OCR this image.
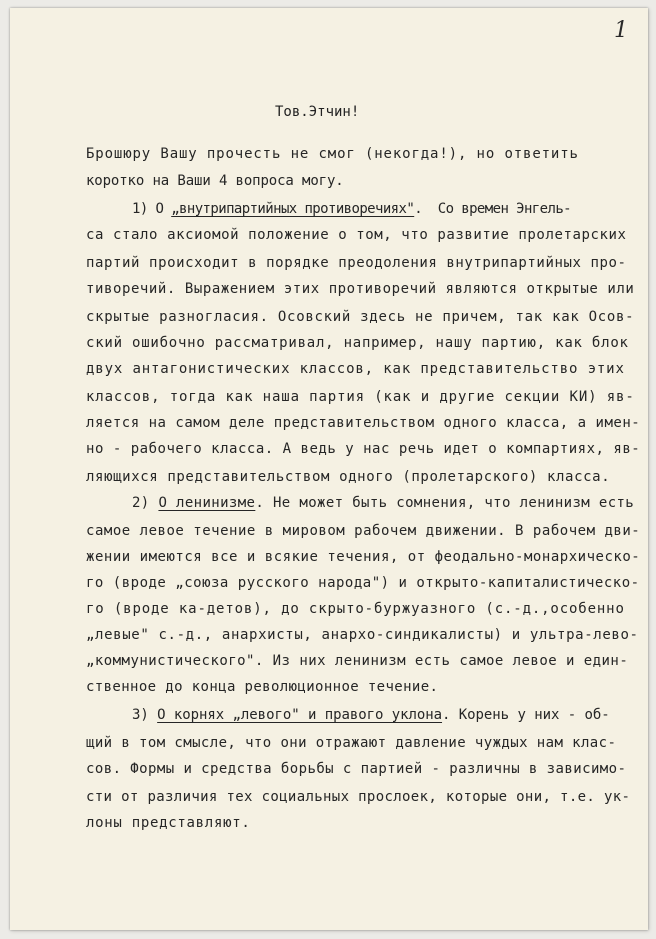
1
Тов.Этчин!
Брошюру Вашу прочесть не смог (некогда!), но ответить
коротко на Ваши 4 вопроса могу.
1) О „внутрипартийных противоречиях".  Со времен Энгель-
са стало аксиомой положение о том, что развитие пролетарских
партий происходит в порядке преодоления внутрипартийных про-
тиворечий. Выражением этих противоречий являются открытые или
скрытые разногласия. Осовский здесь не причем, так как Осов-
ский ошибочно рассматривал, например, нашу партию, как блок
двух антагонистических классов, как представительство этих
классов, тогда как наша партия (как и другие секции КИ) яв-
ляется на самом деле представительством одного класса, а имен-
но - рабочего класса. А ведь у нас речь идет о компартиях, яв-
ляющихся представительством одного (пролетарского) класса.
2) О ленинизме. Не может быть сомнения, что ленинизм есть
самое левое течение в мировом рабочем движении. В рабочем дви-
жении имеются все и всякие течения, от феодально-монархическо-
го (вроде „союза русского народа") и открыто-капиталистическо-
го (вроде ка-детов), до скрыто-буржуазного (с.-д.,особенно
„левые" с.-д., анархисты, анархо-синдикалисты) и ультра-лево-
„коммунистического". Из них ленинизм есть самое левое и един-
ственное до конца революционное течение.
3) О корнях „левого" и правого уклона. Корень у них - об-
щий в том смысле, что они отражают давление чуждых нам клас-
сов. Формы и средства борьбы с партией - различны в зависимо-
сти от различия тех социальных прослоек, которые они, т.е. ук-
лоны представляют.
